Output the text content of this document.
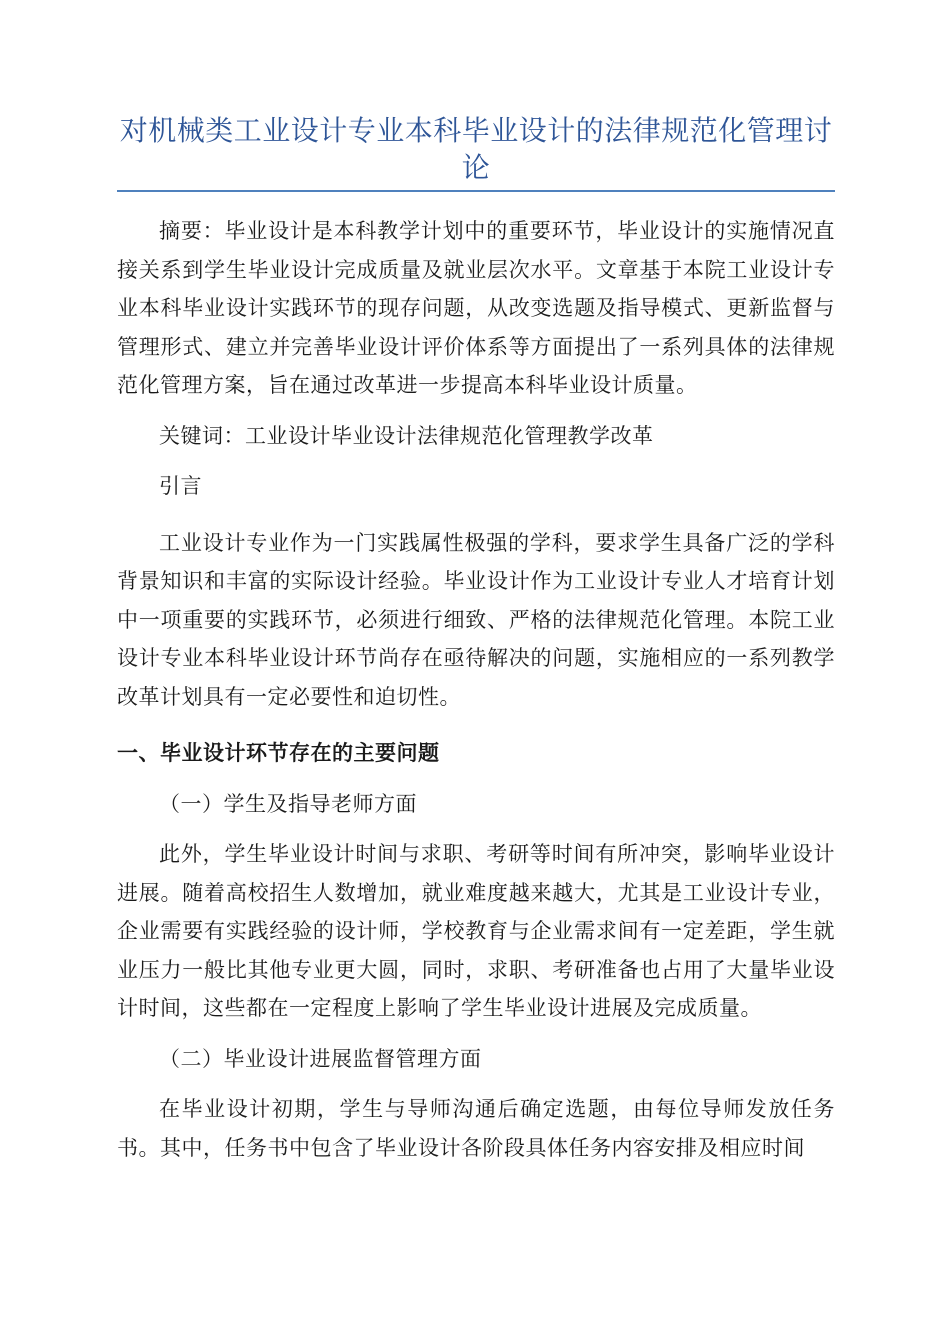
对机械类工业设计专业本科毕业设计的法律规范化管理讨论

摘要：毕业设计是本科教学计划中的重要环节，毕业设计的实施情况直接关系到学生毕业设计完成质量及就业层次水平。文章基于本院工业设计专业本科毕业设计实践环节的现存问题，从改变选题及指导模式、更新监督与管理形式、建立并完善毕业设计评价体系等方面提出了一系列具体的法律规范化管理方案，旨在通过改革进一步提高本科毕业设计质量。

关键词：工业设计毕业设计法律规范化管理教学改革

引言

工业设计专业作为一门实践属性极强的学科，要求学生具备广泛的学科背景知识和丰富的实际设计经验。毕业设计作为工业设计专业人才培育计划中一项重要的实践环节，必须进行细致、严格的法律规范化管理。本院工业设计专业本科毕业设计环节尚存在亟待解决的问题，实施相应的一系列教学改革计划具有一定必要性和迫切性。

一、毕业设计环节存在的主要问题

（一）学生及指导老师方面

此外，学生毕业设计时间与求职、考研等时间有所冲突，影响毕业设计进展。随着高校招生人数增加，就业难度越来越大，尤其是工业设计专业，企业需要有实践经验的设计师，学校教育与企业需求间有一定差距，学生就业压力一般比其他专业更大圆，同时，求职、考研准备也占用了大量毕业设计时间，这些都在一定程度上影响了学生毕业设计进展及完成质量。

（二）毕业设计进展监督管理方面

在毕业设计初期，学生与导师沟通后确定选题，由每位导师发放任务书。其中，任务书中包含了毕业设计各阶段具体任务内容安排及相应时间
